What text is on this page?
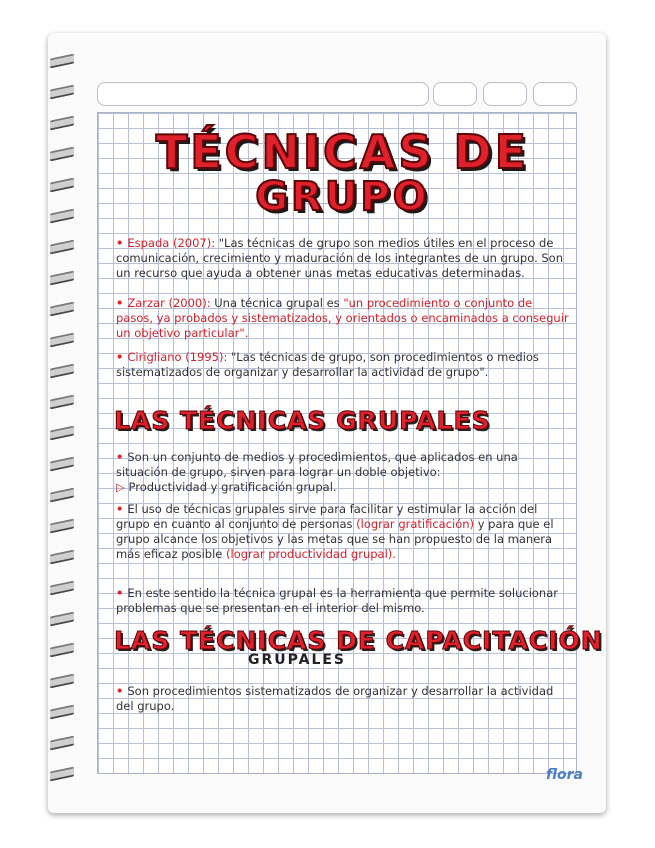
TÉCNICAS DE
GRUPO
• Espada (2007): "Las técnicas de grupo son medios útiles en el proceso de comunicación, crecimiento y maduración de los integrantes de un grupo. Son un recurso que ayuda a obtener unas metas educativas determinadas.
• Zarzar (2000): Una técnica grupal es "un procedimiento o conjunto de pasos, ya probados y sistematizados, y orientados o encaminados a conseguir un objetivo particular".
• Cirigliano (1995): "Las técnicas de grupo, son procedimientos o medios sistematizados de organizar y desarrollar la actividad de grupo".
LAS TÉCNICAS GRUPALES
• Son un conjunto de medios y procedimientos, que aplicados en una situación de grupo, sirven para lograr un doble objetivo:
▷ Productividad y gratificación grupal.
• El uso de técnicas grupales sirve para facilitar y estimular la acción del grupo en cuanto al conjunto de personas (lograr gratificación) y para que el grupo alcance los objetivos y las metas que se han propuesto de la manera más eficaz posible (lograr productividad grupal).
• En este sentido la técnica grupal es la herramienta que permite solucionar problemas que se presentan en el interior del mismo.
LAS TÉCNICAS DE CAPACITACIÓN
GRUPALES
• Son procedimientos sistematizados de organizar y desarrollar la actividad del grupo.
flora
